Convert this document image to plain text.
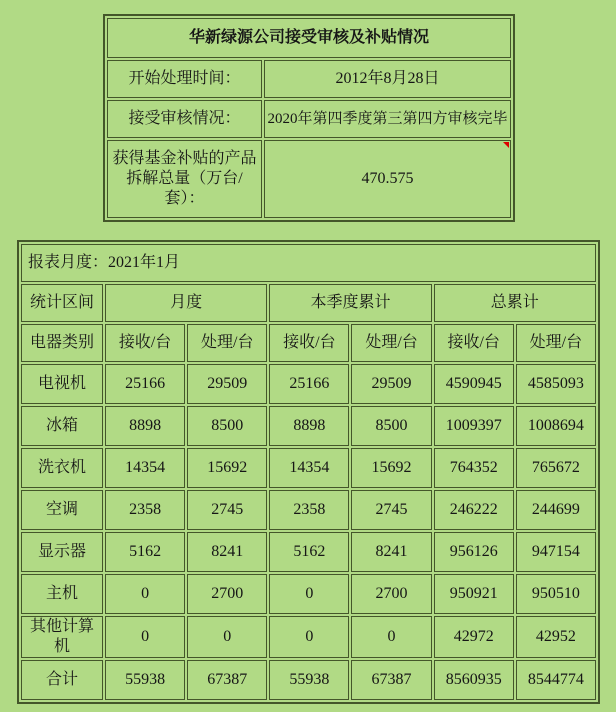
华新绿源公司接受审核及补贴情况	
开始处理时间：	2012年8月28日
接受审核情况：	2020年第四季度第三第四方审核完毕
获得基金补贴的产品拆解总量（万台/套）：	470.575
报表月度：2021年1月						
统计区间	月度		本季度累计		总累计	
电器类别	接收/台	处理/台	接收/台	处理/台	接收/台	处理/台
电视机	25166	29509	25166	29509	4590945	4585093
冰箱	8898	8500	8898	8500	1009397	1008694
洗衣机	14354	15692	14354	15692	764352	765672
空调	2358	2745	2358	2745	246222	244699
显示器	5162	8241	5162	8241	956126	947154
主机	0	2700	0	2700	950921	950510
其他计算机	0	0	0	0	42972	42952
合计	55938	67387	55938	67387	8560935	8544774
